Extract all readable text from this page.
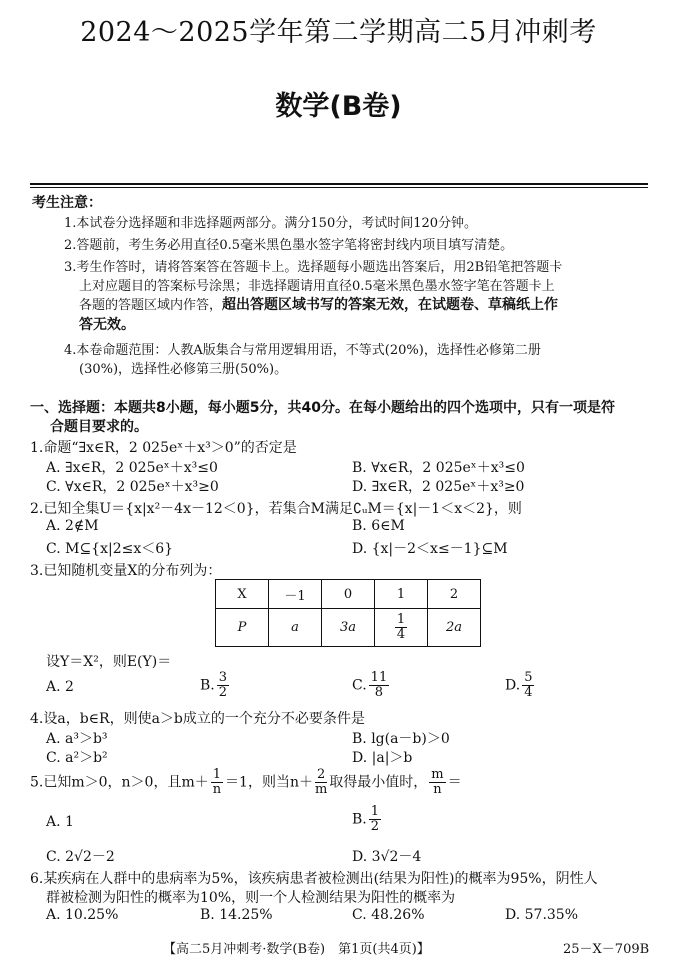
2024～2025学年第二学期高二5月冲刺考
数学(B卷)
考生注意：
1.本试卷分选择题和非选择题两部分。满分150分，考试时间120分钟。
2.答题前，考生务必用直径0.5毫米黑色墨水签字笔将密封线内项目填写清楚。
3.考生作答时，请将答案答在答题卡上。选择题每小题选出答案后，用2B铅笔把答题卡
上对应题目的答案标号涂黑；非选择题请用直径0.5毫米黑色墨水签字笔在答题卡上
各题的答题区域内作答，超出答题区域书写的答案无效，在试题卷、草稿纸上作
答无效。
4.本卷命题范围：人教A版集合与常用逻辑用语，不等式(20%)，选择性必修第二册
(30%)，选择性必修第三册(50%)。
一、选择题：本题共8小题，每小题5分，共40分。在每小题给出的四个选项中，只有一项是符
合题目要求的。
1.命题“∃x∈R，2 025eˣ＋x³＞0”的否定是
A. ∃x∈R，2 025eˣ＋x³≤0	B. ∀x∈R，2 025eˣ＋x³≤0
C. ∀x∈R，2 025eˣ＋x³≥0	D. ∃x∈R，2 025eˣ＋x³≥0
2.已知全集U＝{x|x²－4x－12＜0}，若集合M满足∁ᵤM＝{x|－1＜x＜2}，则
A. 2∉M	B. 6∈M
C. M⊆{x|2≤x＜6}	D. {x|－2＜x≤－1}⊆M
3.已知随机变量X的分布列为：
X	－1	0	1	2
P	a	3a	$\frac{1}{4}$	2a
设Y＝X²，则E(Y)＝
A. 2	B. $\frac{3}{2}$	C. $\frac{11}{8}$	D. $\frac{5}{4}$
4.设a，b∈R，则使a＞b成立的一个充分不必要条件是
A. a³＞b³	B. lg(a－b)＞0
C. a²＞b²	D. |a|＞b
5.已知m＞0，n＞0，且$m+ \frac{1}{n} =1$，则当$n+ \frac{2}{m}$ 取得最小值时， $\frac{m}{n}$ ＝
A. 1	B. $\frac{1}{2}$
C. 2√2－2	D. 3√2－4
6.某疾病在人群中的患病率为5%，该疾病患者被检测出(结果为阳性)的概率为95%，阴性人
群被检测为阳性的概率为10%，则一个人检测结果为阳性的概率为
A. 10.25%	B. 14.25%	C. 48.26%	D. 57.35%
【高二5月冲刺考·数学(B卷)　第1页(共4页)】	25－X－709B
